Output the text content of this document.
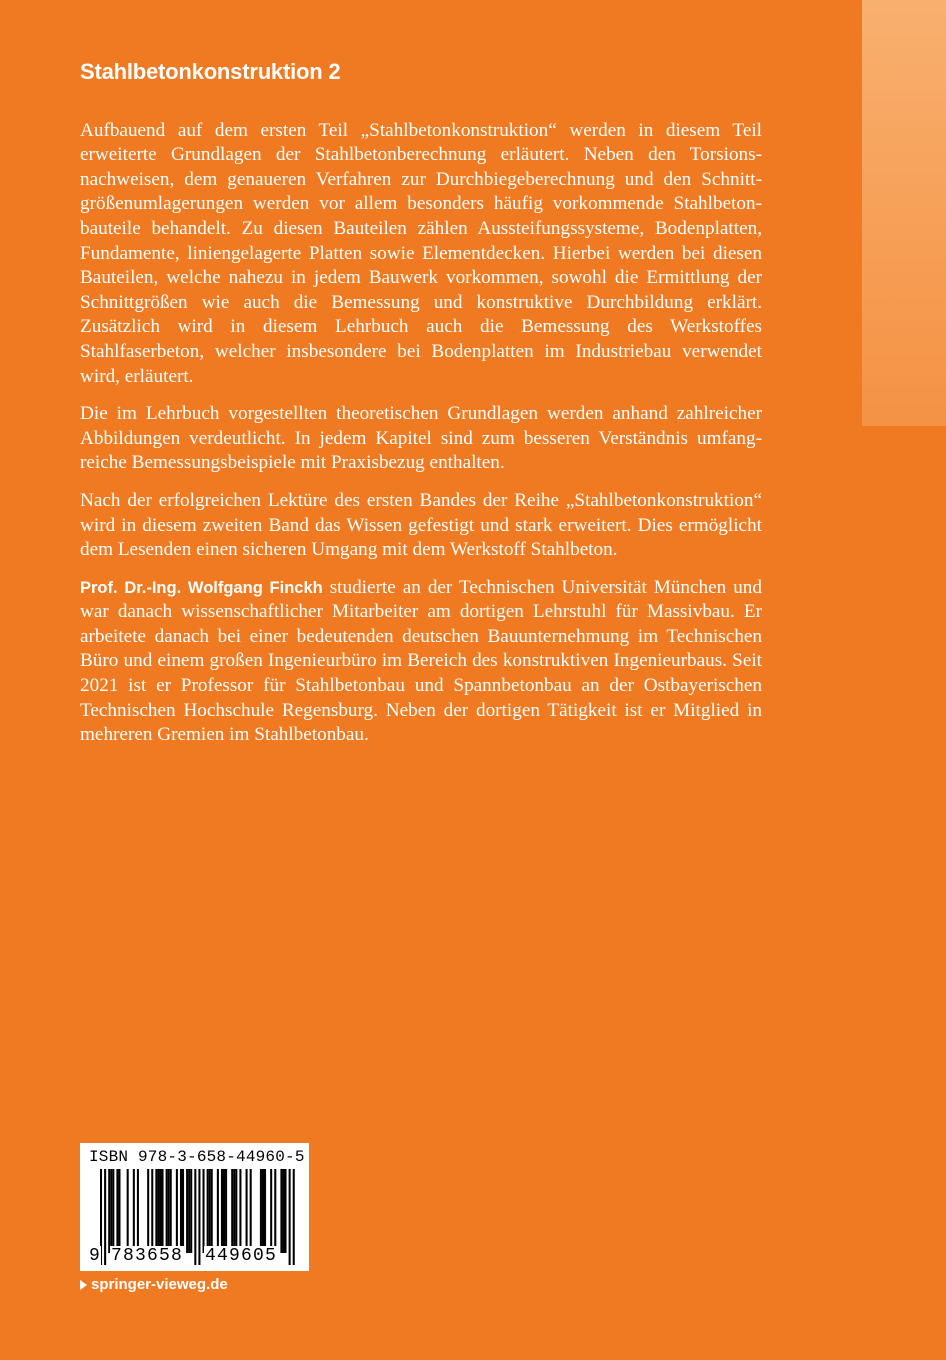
Stahlbetonkonstruktion 2

Aufbauend auf dem ersten Teil „Stahlbetonkonstruktion“ werden in diesem Teil erweiterte Grundlagen der Stahlbetonberechnung erläutert. Neben den Torsionsnachweisen, dem genaueren Verfahren zur Durchbiegeberechnung und den Schnittgrößenumlagerungen werden vor allem besonders häufig vorkommende Stahlbetonbauteile behandelt. Zu diesen Bauteilen zählen Aussteifungssysteme, Bodenplatten, Fundamente, liniengelagerte Platten sowie Elementdecken. Hierbei werden bei diesen Bauteilen, welche nahezu in jedem Bauwerk vorkommen, sowohl die Ermittlung der Schnittgrößen wie auch die Bemessung und konstruktive Durchbildung erklärt. Zusätzlich wird in diesem Lehrbuch auch die Bemessung des Werkstoffes Stahlfaserbeton, welcher insbesondere bei Bodenplatten im Industriebau verwendet wird, erläutert.

Die im Lehrbuch vorgestellten theoretischen Grundlagen werden anhand zahlreicher Abbildungen verdeutlicht. In jedem Kapitel sind zum besseren Verständnis umfangreiche Bemessungsbeispiele mit Praxisbezug enthalten.

Nach der erfolgreichen Lektüre des ersten Bandes der Reihe „Stahlbetonkonstruktion“ wird in diesem zweiten Band das Wissen gefestigt und stark erweitert. Dies ermöglicht dem Lesenden einen sicheren Umgang mit dem Werkstoff Stahlbeton.

Prof. Dr.-Ing. Wolfgang Finckh studierte an der Technischen Universität München und war danach wissenschaftlicher Mitarbeiter am dortigen Lehrstuhl für Massivbau. Er arbeitete danach bei einer bedeutenden deutschen Bauunternehmung im Technischen Büro und einem großen Ingenieurbüro im Bereich des konstruktiven Ingenieurbaus. Seit 2021 ist er Professor für Stahlbetonbau und Spannbetonbau an der Ostbayerischen Technischen Hochschule Regensburg. Neben der dortigen Tätigkeit ist er Mitglied in mehreren Gremien im Stahlbetonbau.

ISBN 978-3-658-44960-5
9 783658 449605
springer-vieweg.de
